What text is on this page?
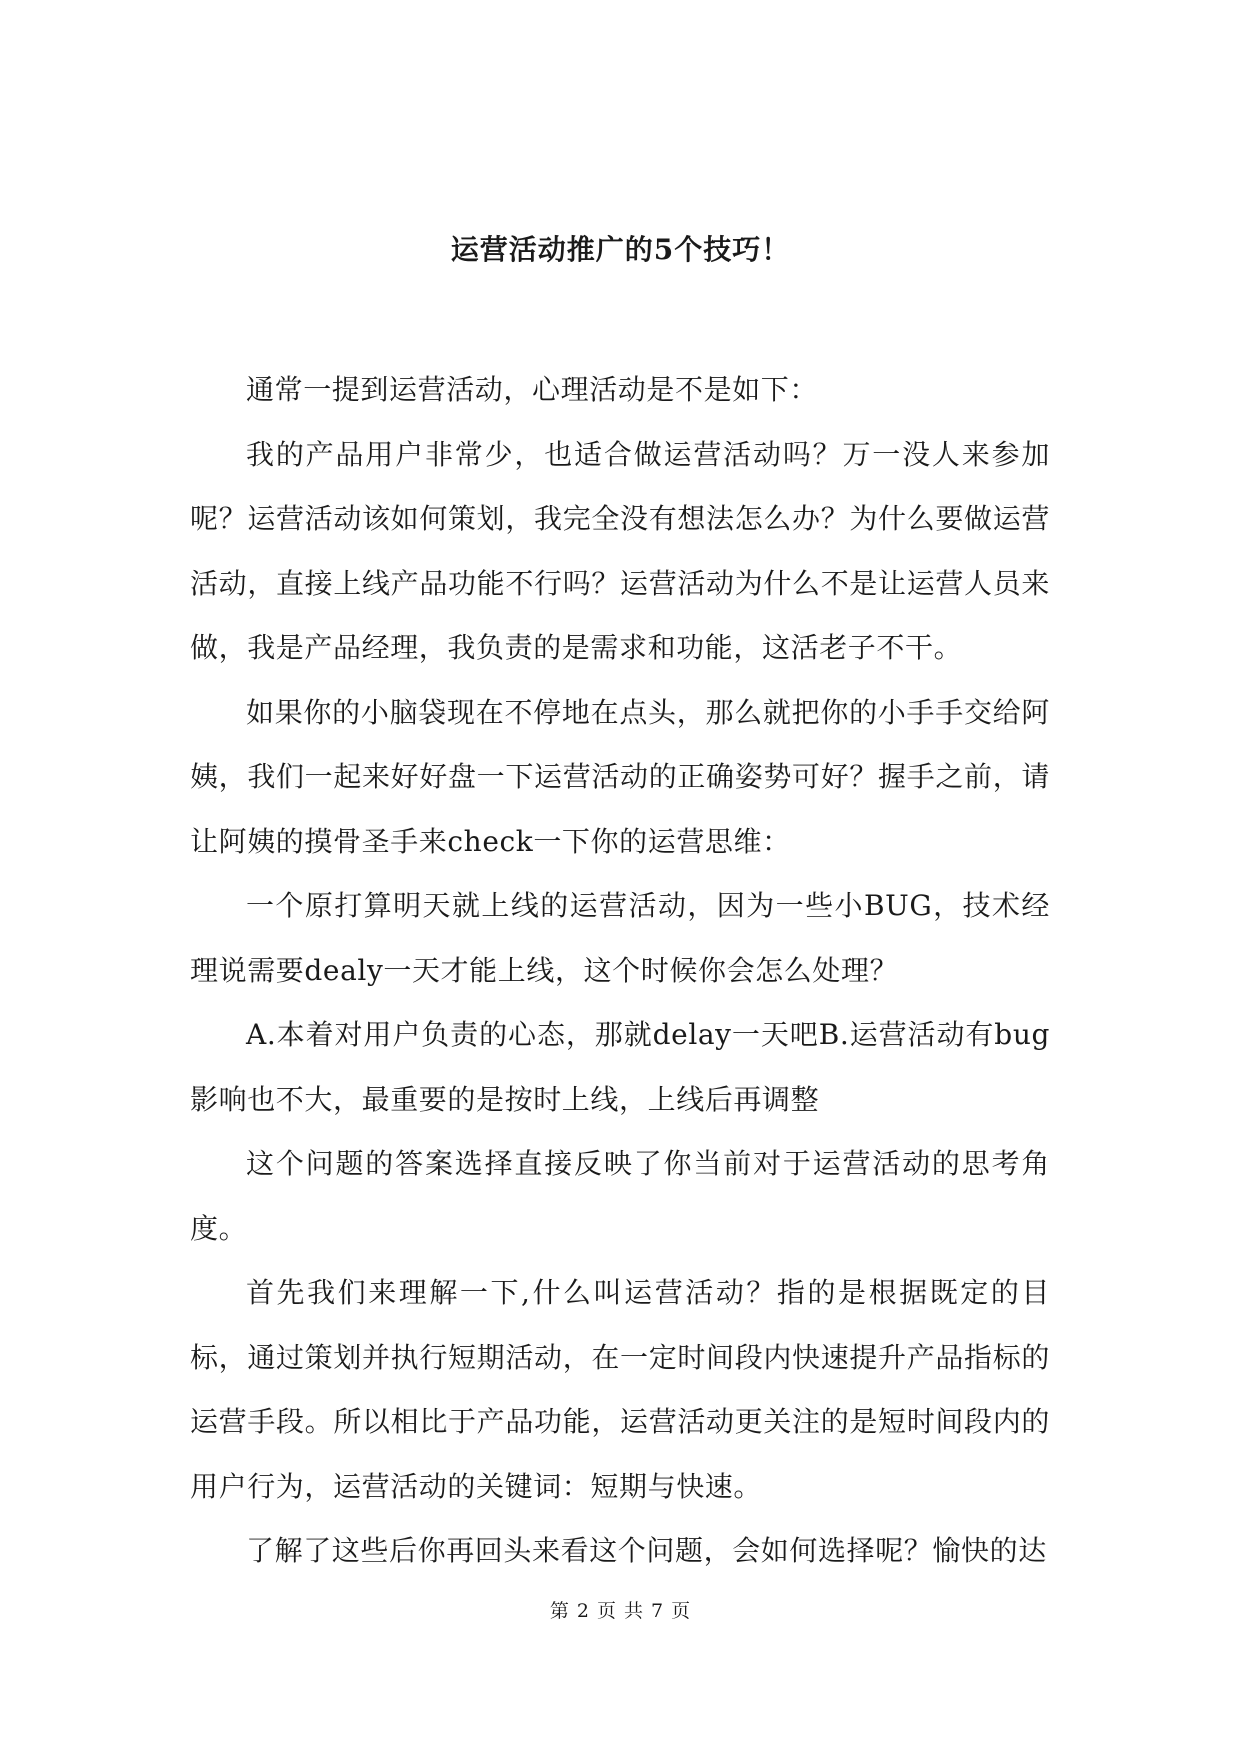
运营活动推广的5个技巧！

通常一提到运营活动，心理活动是不是如下：

我的产品用户非常少，也适合做运营活动吗？万一没人来参加呢？运营活动该如何策划，我完全没有想法怎么办？为什么要做运营活动，直接上线产品功能不行吗？运营活动为什么不是让运营人员来做，我是产品经理，我负责的是需求和功能，这活老子不干。

如果你的小脑袋现在不停地在点头，那么就把你的小手手交给阿姨，我们一起来好好盘一下运营活动的正确姿势可好？握手之前，请让阿姨的摸骨圣手来check一下你的运营思维：

一个原打算明天就上线的运营活动，因为一些小BUG，技术经理说需要dealy一天才能上线，这个时候你会怎么处理？

A.本着对用户负责的心态，那就delay一天吧B.运营活动有bug影响也不大，最重要的是按时上线，上线后再调整

这个问题的答案选择直接反映了你当前对于运营活动的思考角度。

首先我们来理解一下,什么叫运营活动？指的是根据既定的目标，通过策划并执行短期活动，在一定时间段内快速提升产品指标的运营手段。所以相比于产品功能，运营活动更关注的是短时间段内的用户行为，运营活动的关键词：短期与快速。

了解了这些后你再回头来看这个问题，会如何选择呢？愉快的达

第 2 页 共 7 页
